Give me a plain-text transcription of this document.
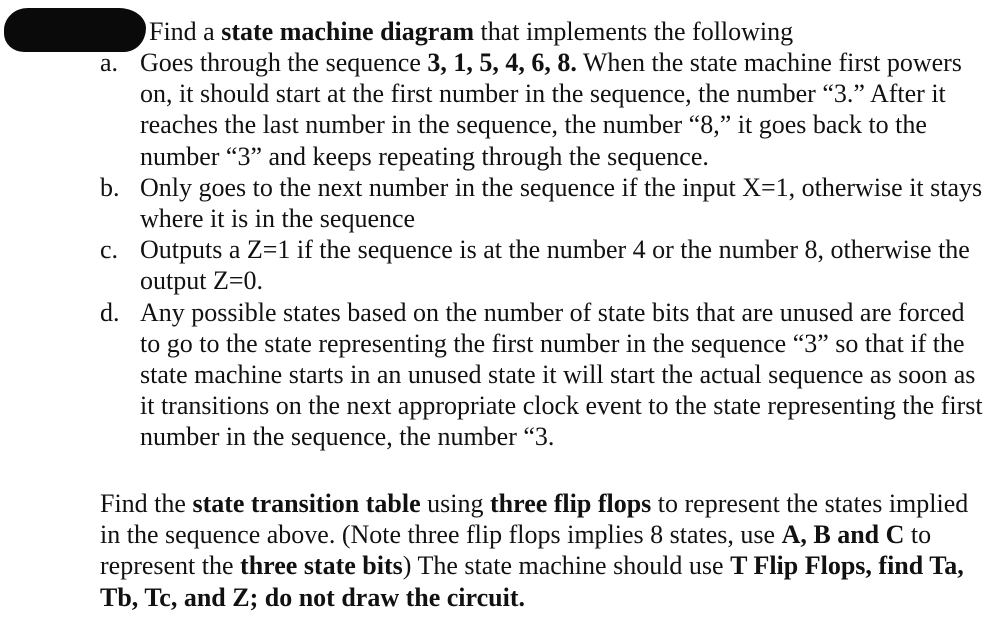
Find a state machine diagram that implements the following
a. Goes through the sequence 3, 1, 5, 4, 6, 8. When the state machine first powers on, it should start at the first number in the sequence, the number “3.” After it reaches the last number in the sequence, the number “8,” it goes back to the number “3” and keeps repeating through the sequence.
b. Only goes to the next number in the sequence if the input X=1, otherwise it stays where it is in the sequence
c. Outputs a Z=1 if the sequence is at the number 4 or the number 8, otherwise the output Z=0.
d. Any possible states based on the number of state bits that are unused are forced to go to the state representing the first number in the sequence “3” so that if the state machine starts in an unused state it will start the actual sequence as soon as it transitions on the next appropriate clock event to the state representing the first number in the sequence, the number “3.
Find the state transition table using three flip flops to represent the states implied in the sequence above. (Note three flip flops implies 8 states, use A, B and C to represent the three state bits) The state machine should use T Flip Flops, find Ta, Tb, Tc, and Z; do not draw the circuit.
